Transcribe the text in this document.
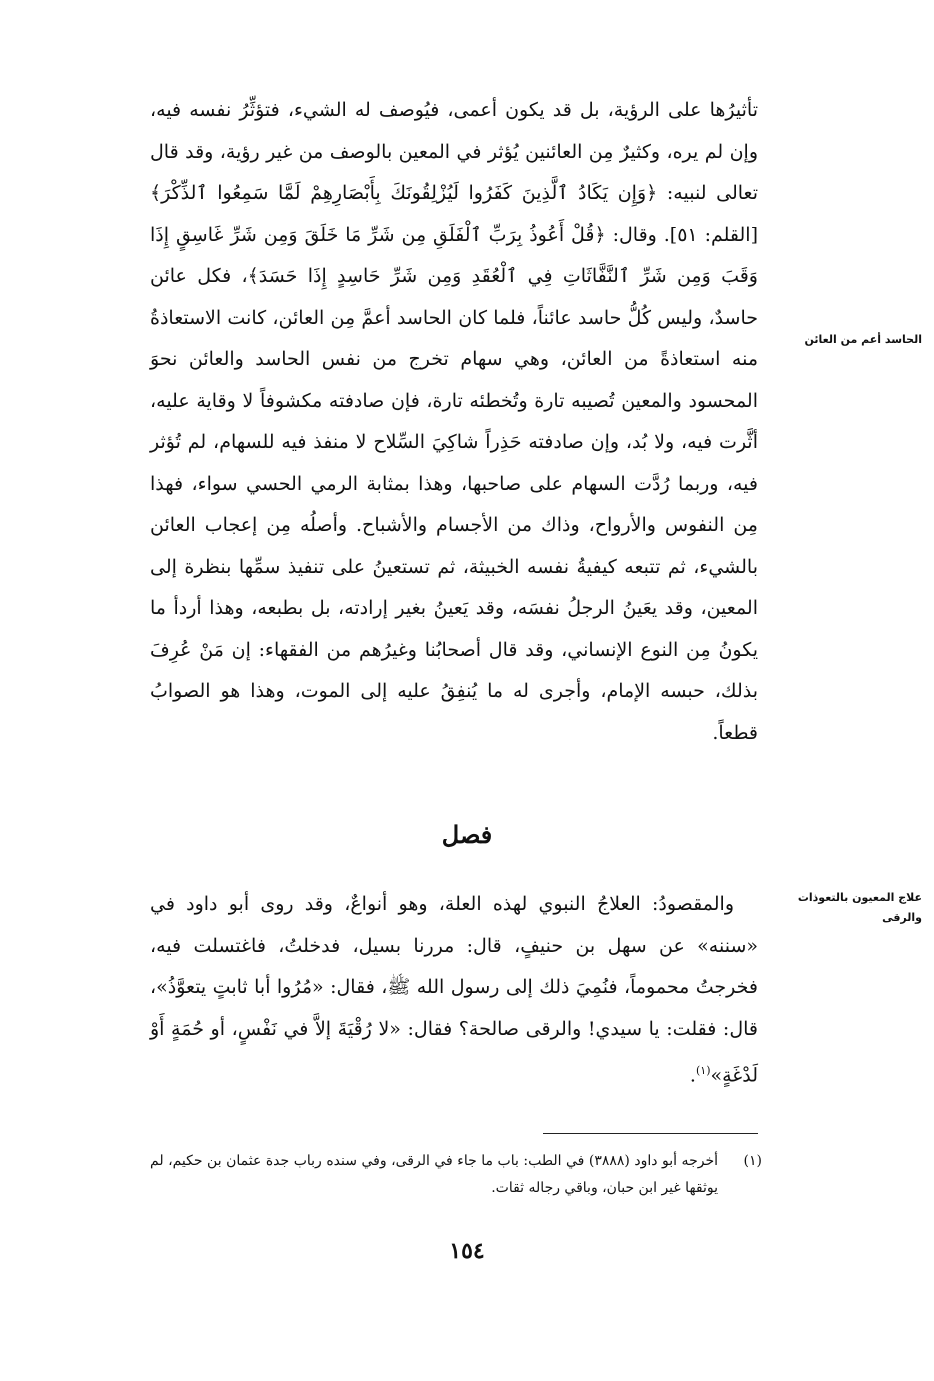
تأثيرُها على الرؤية، بل قد يكون أعمى، فيُوصف له الشيء، فتؤثِّرُ نفسه فيه، وإن لم يره، وكثيرٌ مِن العائنين يُؤثر في المعين بالوصف من غير رؤية، وقد قال تعالى لنبيه: ﴿وَإِن يَكَادُ ٱلَّذِينَ كَفَرُوا لَيُزْلِقُونَكَ بِأَبْصَارِهِمْ لَمَّا سَمِعُوا ٱلذِّكْرَ﴾ [القلم: ٥١]. وقال: ﴿قُلْ أَعُوذُ بِرَبِّ ٱلْفَلَقِ مِن شَرِّ مَا خَلَقَ وَمِن شَرِّ غَاسِقٍ إِذَا وَقَبَ وَمِن شَرِّ ٱلنَّفَّاثَاتِ فِي ٱلْعُقَدِ وَمِن شَرِّ حَاسِدٍ إِذَا حَسَدَ﴾، فكل عائن حاسدٌ، وليس كُلُّ حاسد عائناً، فلما كان الحاسد أعمَّ مِن العائن، كانت الاستعاذةُ منه استعاذةً من العائن، وهي سهام تخرج من نفس الحاسد والعائن نحوَ المحسود والمعين تُصيبه تارة وتُخطئه تارة، فإن صادفته مكشوفاً لا وقاية عليه، أثَّرت فيه، ولا بُد، وإن صادفته حَذِراً شاكِيَ السِّلاح لا منفذ فيه للسهام، لم تُؤثر فيه، وربما رُدَّت السهام على صاحبها، وهذا بمثابة الرمي الحسي سواء، فهذا مِن النفوس والأرواح، وذاك من الأجسام والأشباح. وأصلُه مِن إعجاب العائن بالشيء، ثم تتبعه كيفيةُ نفسه الخبيثة، ثم تستعينُ على تنفيذ سمِّها بنظرة إلى المعين، وقد يعَينُ الرجلُ نفسَه، وقد يَعينُ بغير إرادته، بل بطبعه، وهذا أردأ ما يكونُ مِن النوع الإنساني، وقد قال أصحابُنا وغيرُهم من الفقهاء: إن مَنْ عُرِفَ بذلك، حبسه الإمام، وأجرى له ما يُنفِقُ عليه إلى الموت، وهذا هو الصوابُ قطعاً.

الحاسد أعم من العائن
فصل

والمقصودُ: العلاجُ النبوي لهذه العلة، وهو أنواعٌ، وقد روى أبو داود في «سننه» عن سهل بن حنيفٍ، قال: مررنا بسيل، فدخلتُ، فاغتسلت فيه، فخرجتُ محموماً، فنُمِيَ ذلك إلى رسول الله ﷺ، فقال: «مُرُوا أبا ثابتٍ يتعوَّذُ»، قال: فقلت: يا سيدي! والرقى صالحة؟ فقال: «لا رُقْيَةَ إلاَّ في نَفْسٍ، أو حُمَةٍ أَوْ لَدْغَةٍ»$^{(١)}$.

علاج المعيون بالتعوذات والرقى
(١)
أخرجه أبو داود (٣٨٨٨) في الطب: باب ما جاء في الرقى، وفي سنده رباب جدة عثمان بن حكيم، لم يوثقها غير ابن حبان، وباقي رجاله ثقات.
١٥٤
